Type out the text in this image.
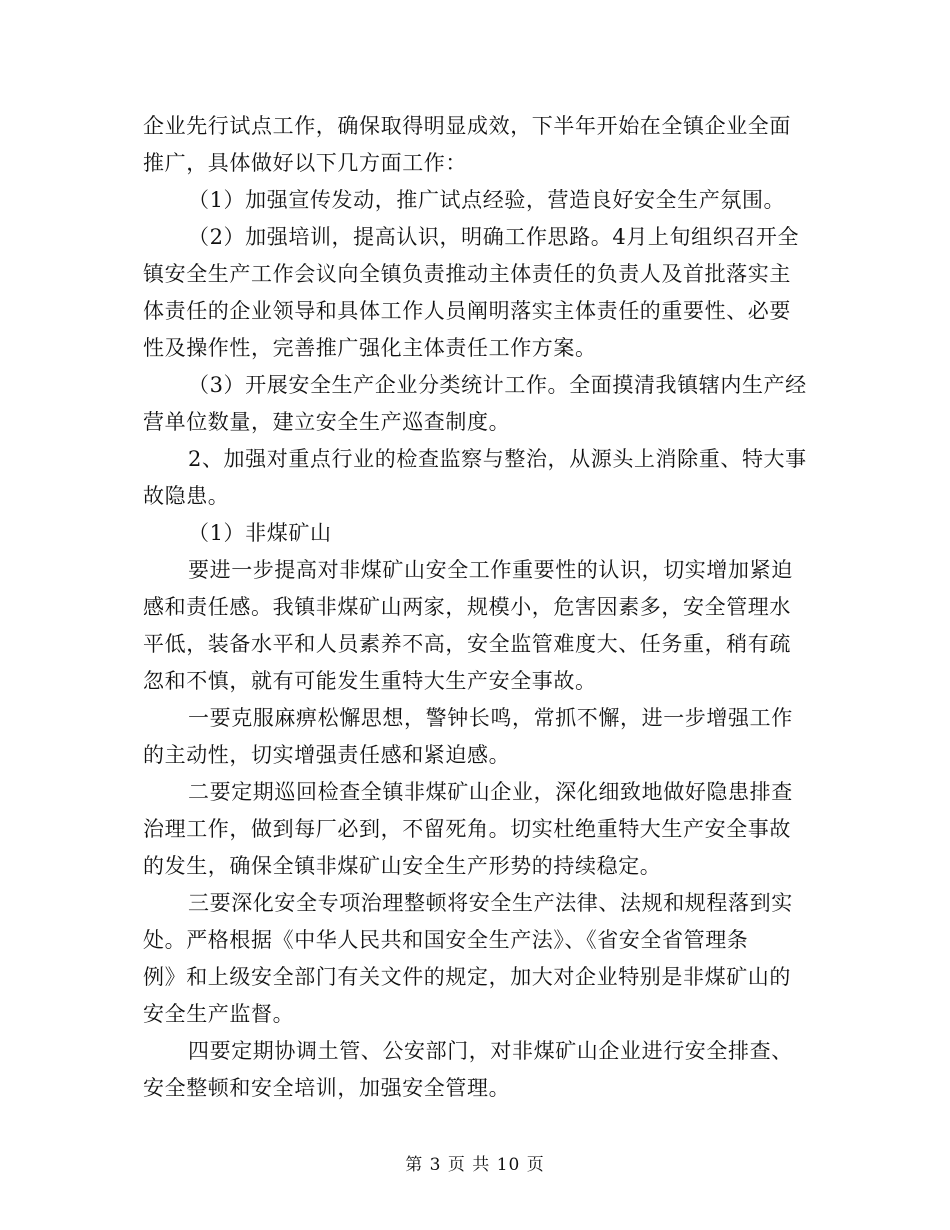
企业先行试点工作，确保取得明显成效，下半年开始在全镇企业全面
推广，具体做好以下几方面工作：
（1）加强宣传发动，推广试点经验，营造良好安全生产氛围。
（2）加强培训，提高认识，明确工作思路。4月上旬组织召开全
镇安全生产工作会议向全镇负责推动主体责任的负责人及首批落实主
体责任的企业领导和具体工作人员阐明落实主体责任的重要性、必要
性及操作性，完善推广强化主体责任工作方案。
（3）开展安全生产企业分类统计工作。全面摸清我镇辖内生产经
营单位数量，建立安全生产巡查制度。
2、加强对重点行业的检查监察与整治，从源头上消除重、特大事
故隐患。
（1）非煤矿山
要进一步提高对非煤矿山安全工作重要性的认识，切实增加紧迫
感和责任感。我镇非煤矿山两家，规模小，危害因素多，安全管理水
平低，装备水平和人员素养不高，安全监管难度大、任务重，稍有疏
忽和不慎，就有可能发生重特大生产安全事故。
一要克服麻痹松懈思想，警钟长鸣，常抓不懈，进一步增强工作
的主动性，切实增强责任感和紧迫感。
二要定期巡回检查全镇非煤矿山企业，深化细致地做好隐患排查
治理工作，做到每厂必到，不留死角。切实杜绝重特大生产安全事故
的发生，确保全镇非煤矿山安全生产形势的持续稳定。
三要深化安全专项治理整顿将安全生产法律、法规和规程落到实
处。严格根据《中华人民共和国安全生产法》、《省安全省管理条
例》和上级安全部门有关文件的规定，加大对企业特别是非煤矿山的
安全生产监督。
四要定期协调土管、公安部门，对非煤矿山企业进行安全排查、
安全整顿和安全培训，加强安全管理。
第 3 页 共 10 页
